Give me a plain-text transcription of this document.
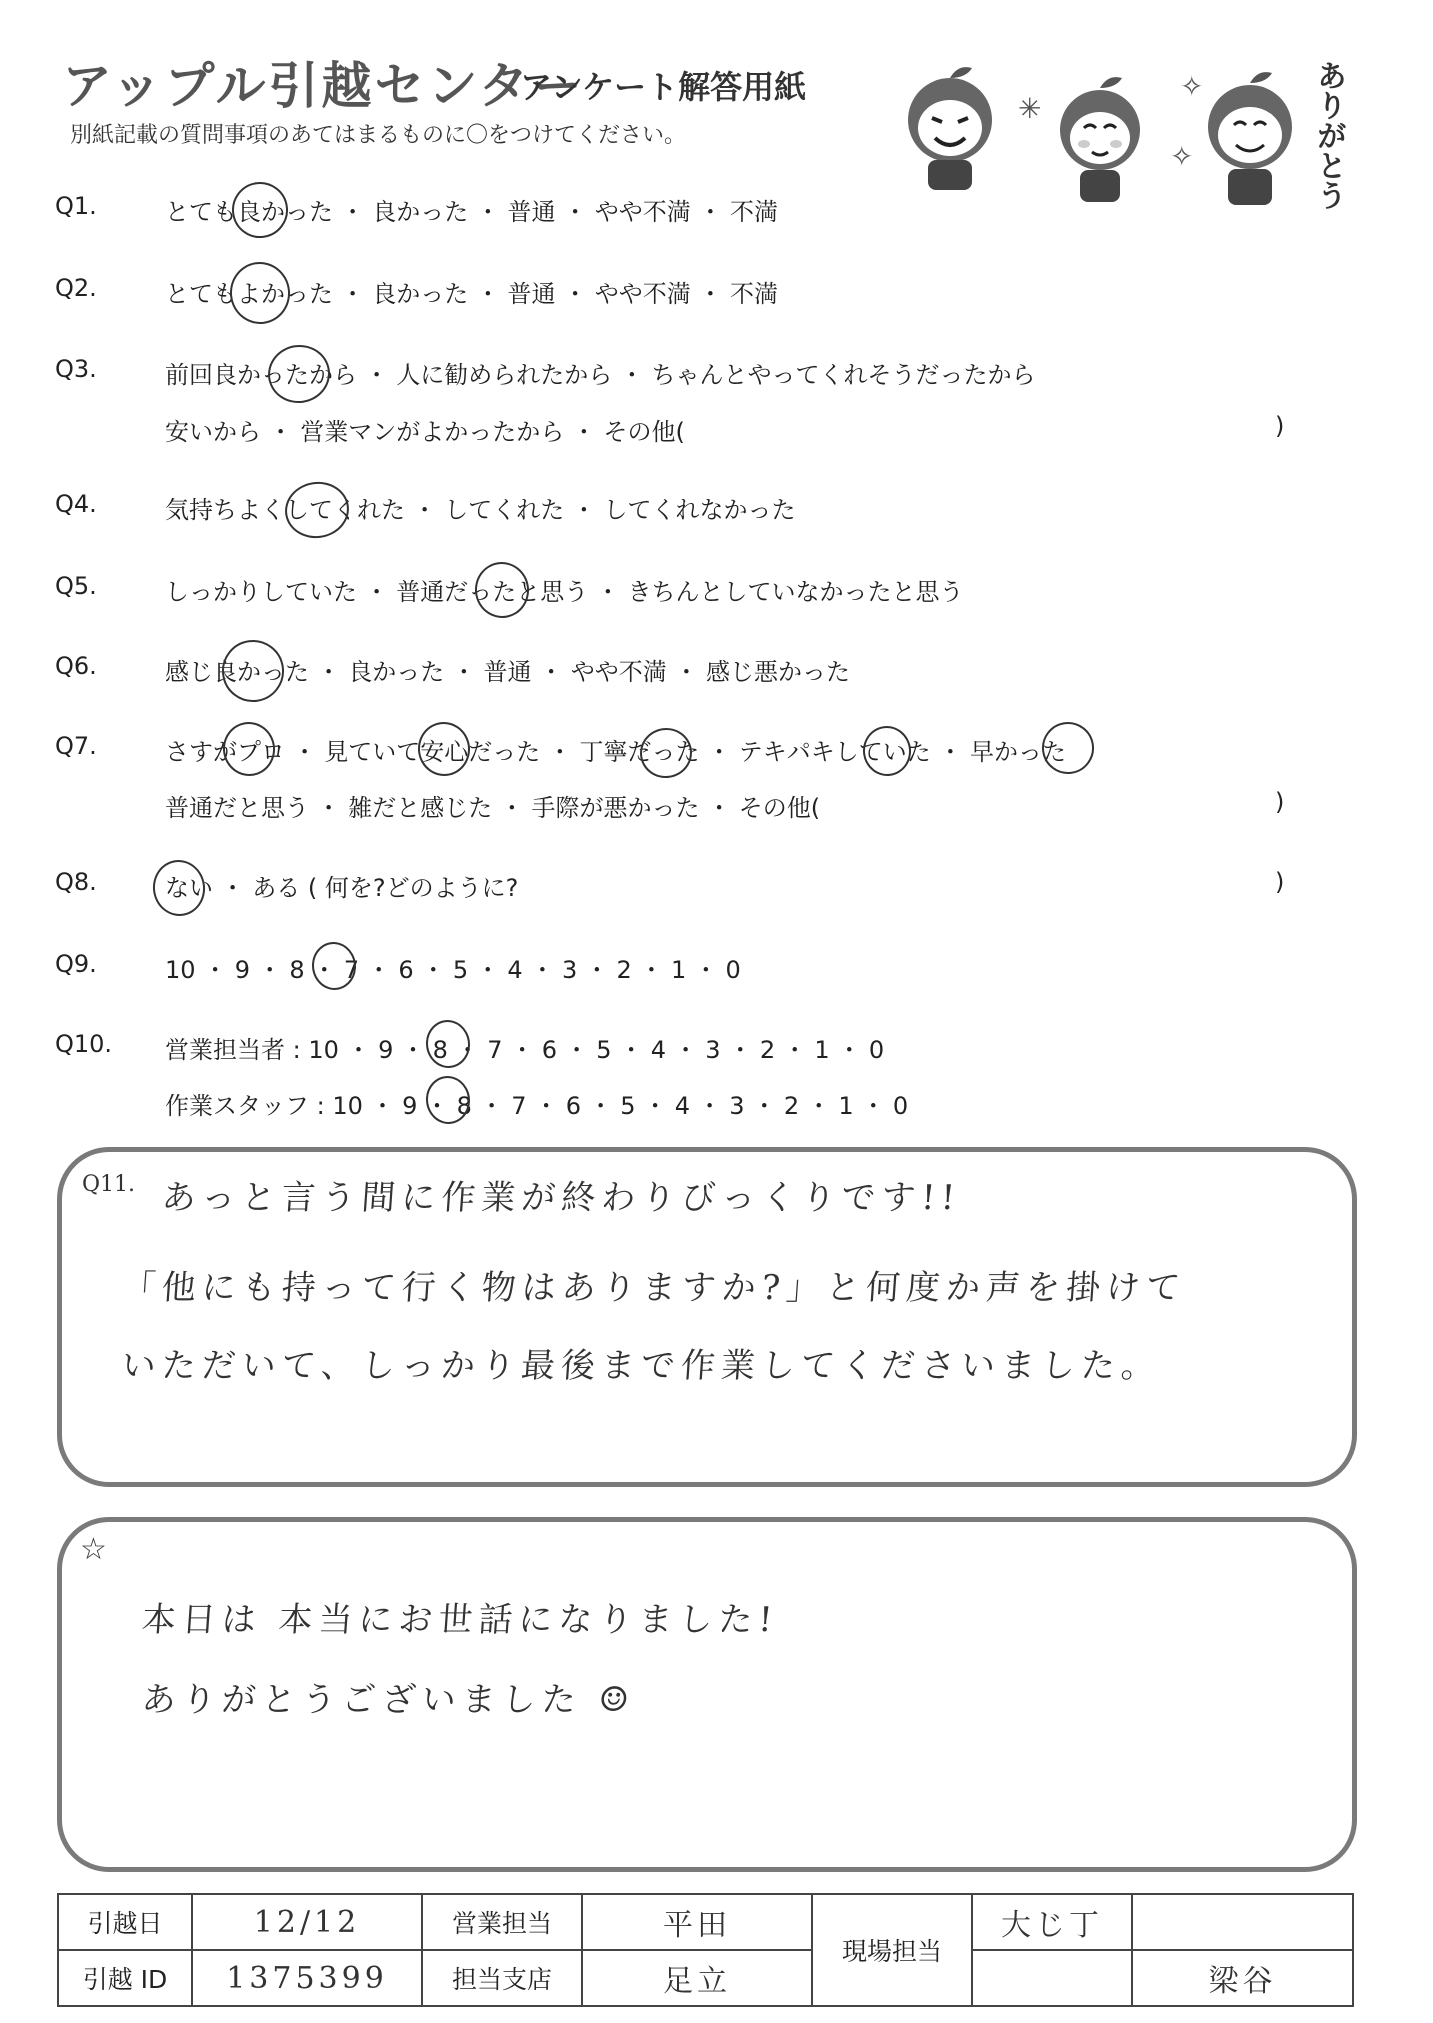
アップル引越センター
アンケート解答用紙
別紙記載の質問事項のあてはまるものに〇をつけてください。
✳
✧
✧	ありがとう
Q1.	とても良かった ・ 良かった ・ 普通 ・ やや不満 ・ 不満
Q2.	とてもよかった ・ 良かった ・ 普通 ・ やや不満 ・ 不満
Q3.	前回良かったから ・ 人に勧められたから ・ ちゃんとやってくれそうだったから
安いから ・ 営業マンがよかったから ・ その他(	)
Q4.	気持ちよくしてくれた ・ してくれた ・ してくれなかった
Q5.	しっかりしていた ・ 普通だったと思う ・ きちんとしていなかったと思う
Q6.	感じ良かった ・ 良かった ・ 普通 ・ やや不満 ・ 感じ悪かった
Q7.	さすがプロ ・ 見ていて安心だった ・ 丁寧だった ・ テキパキしていた ・ 早かった
普通だと思う ・ 雑だと感じた ・ 手際が悪かった ・ その他(	)
Q8.	ない ・ ある ( 何を?どのように?	)
Q9.	10 ・ 9 ・ 8 ・ 7 ・ 6 ・ 5 ・ 4 ・ 3 ・ 2 ・ 1 ・ 0
Q10.	営業担当者 : 10 ・ 9 ・ 8 ・ 7 ・ 6 ・ 5 ・ 4 ・ 3 ・ 2 ・ 1 ・ 0
作業スタッフ : 10 ・ 9 ・ 8 ・ 7 ・ 6 ・ 5 ・ 4 ・ 3 ・ 2 ・ 1 ・ 0
Q11. あっと言う間に作業が終わりびっくりです!!
「他にも持って行く物はありますか?」と何度か声を掛けて
いただいて、しっかり最後まで作業してくださいました。
☆
本日は 本当にお世話になりました!
ありがとうございました ☺
引越日	12/12	営業担当	平田	現場担当	大じ丁	
引越 ID	1375399	担当支店	足立			梁谷
